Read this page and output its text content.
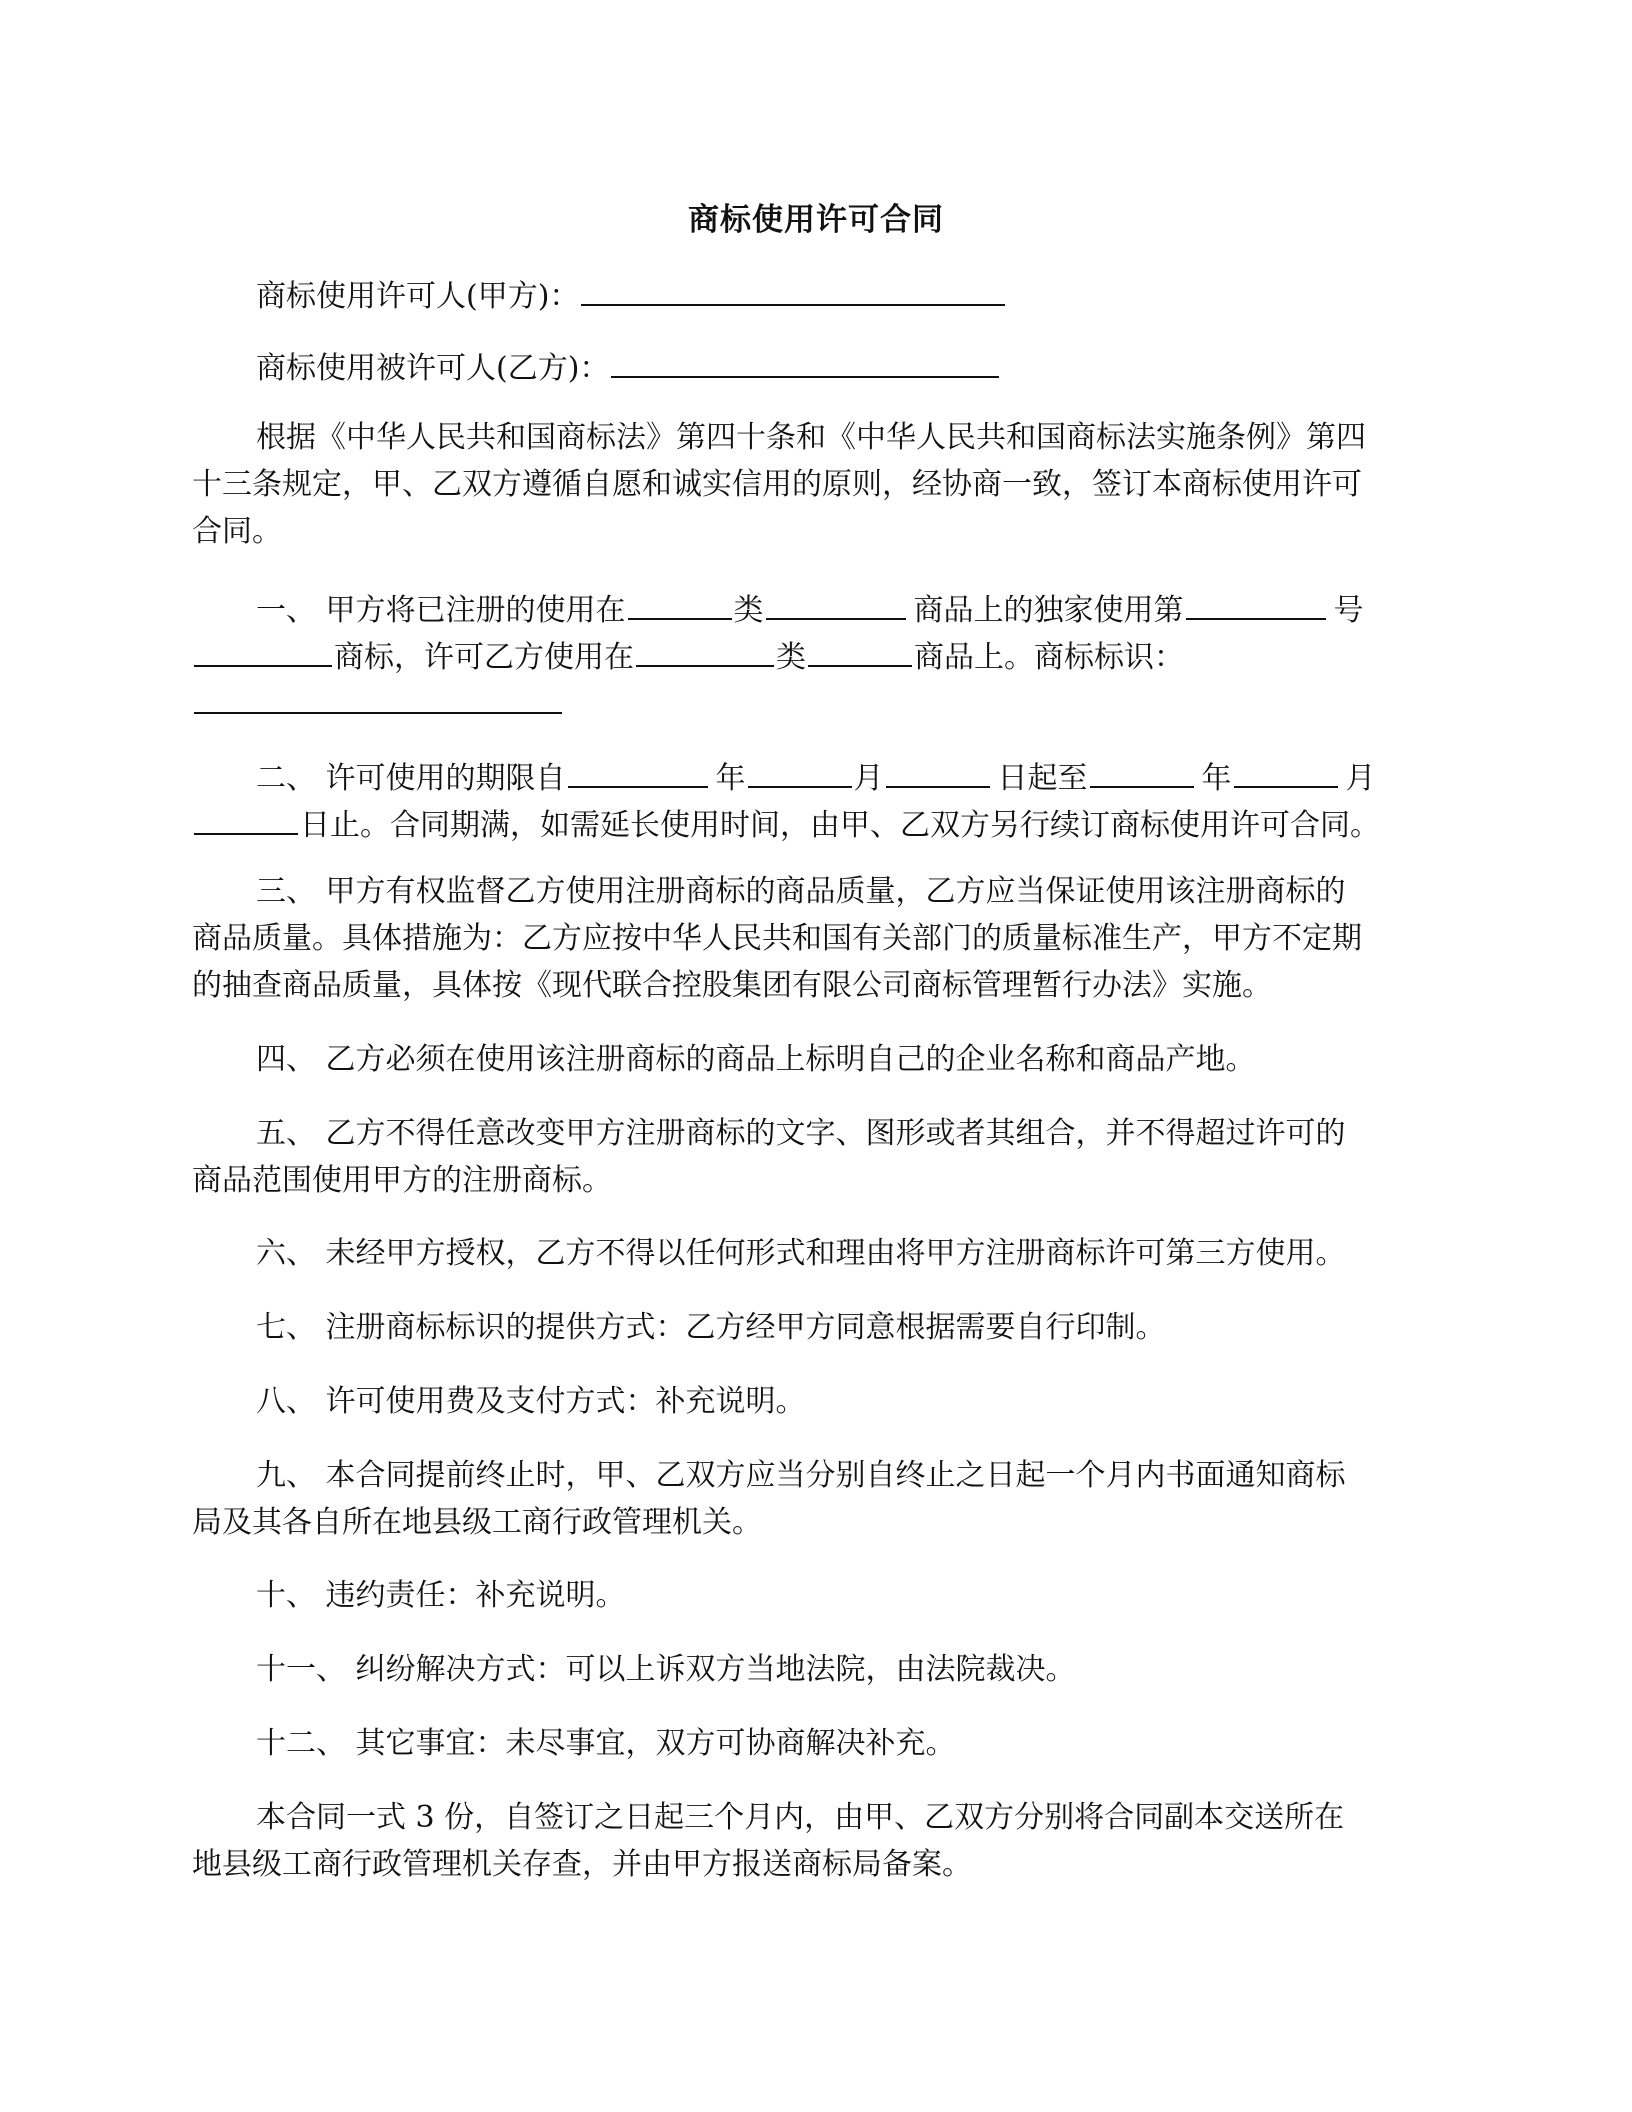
商标使用许可合同
商标使用许可人(甲方)：
商标使用被许可人(乙方)：
根据《中华人民共和国商标法》第四十条和《中华人民共和国商标法实施条例》第四
十三条规定，甲、乙双方遵循自愿和诚实信用的原则，经协商一致，签订本商标使用许可
合同。
一、 甲方将已注册的使用在	类	商品上的独家使用第	号
商标，许可乙方使用在	类	商品上。商标标识：
二、 许可使用的期限自	年	月	日起至	年	月
日止。合同期满，如需延长使用时间，由甲、乙双方另行续订商标使用许可合同。
三、 甲方有权监督乙方使用注册商标的商品质量，乙方应当保证使用该注册商标的
商品质量。具体措施为：乙方应按中华人民共和国有关部门的质量标准生产，甲方不定期
的抽查商品质量，具体按《现代联合控股集团有限公司商标管理暂行办法》实施。
四、 乙方必须在使用该注册商标的商品上标明自己的企业名称和商品产地。
五、 乙方不得任意改变甲方注册商标的文字、图形或者其组合，并不得超过许可的
商品范围使用甲方的注册商标。
六、 未经甲方授权，乙方不得以任何形式和理由将甲方注册商标许可第三方使用。
七、 注册商标标识的提供方式：乙方经甲方同意根据需要自行印制。
八、 许可使用费及支付方式：补充说明。
九、 本合同提前终止时，甲、乙双方应当分别自终止之日起一个月内书面通知商标
局及其各自所在地县级工商行政管理机关。
十、 违约责任：补充说明。
十一、 纠纷解决方式：可以上诉双方当地法院，由法院裁决。
十二、 其它事宜：未尽事宜，双方可协商解决补充。
本合同一式 3 份，自签订之日起三个月内，由甲、乙双方分别将合同副本交送所在
地县级工商行政管理机关存查，并由甲方报送商标局备案。
